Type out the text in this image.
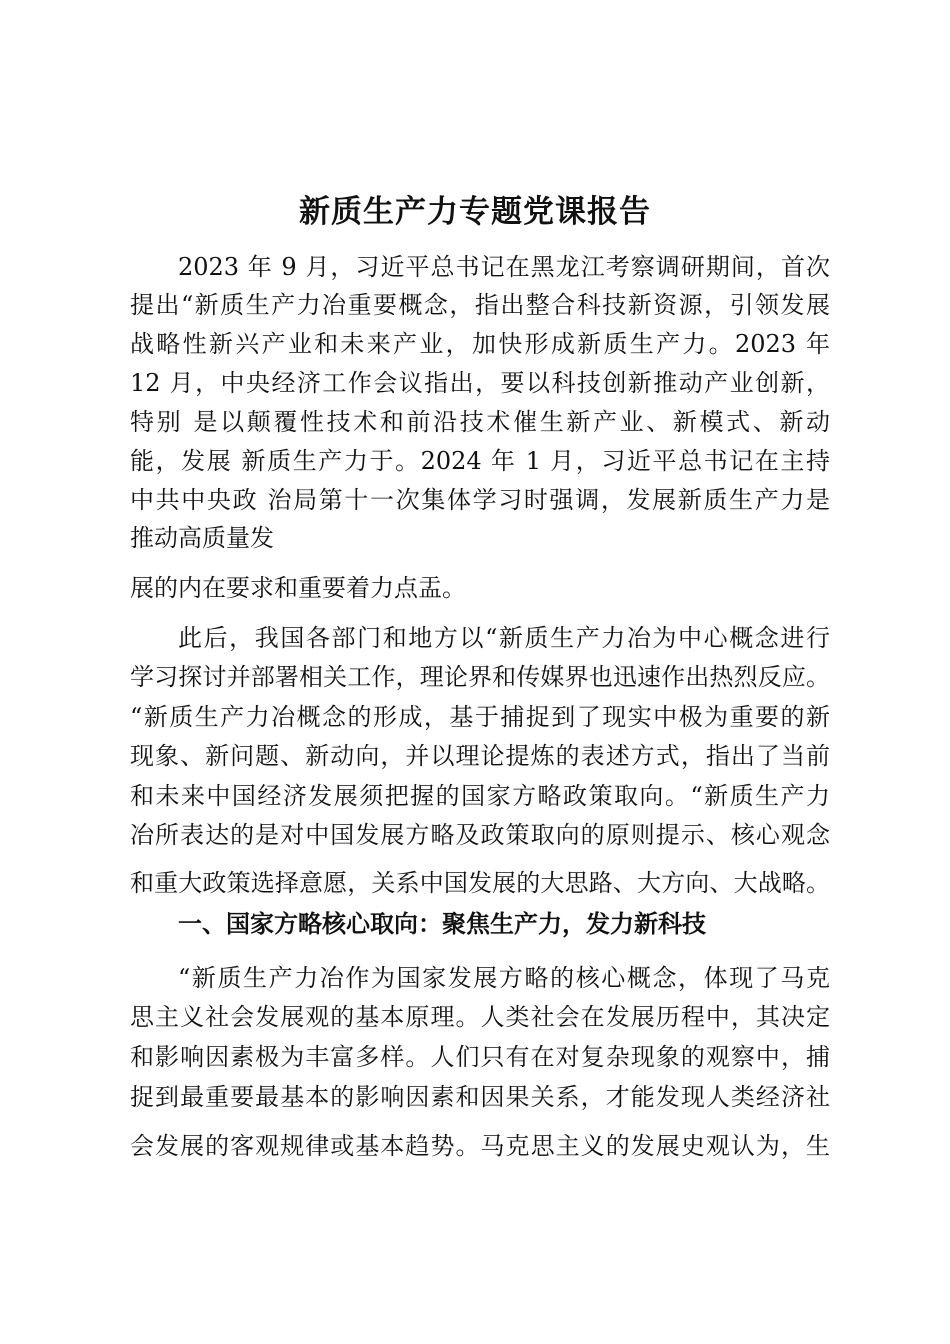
新质生产力专题党课报告

2023 年 9 月，习近平总书记在黑龙江考察调研期间，首次

提出“新质生产力冶重要概念，指出整合科技新资源，引领发展

战略性新兴产业和未来产业，加快形成新质生产力。2023 年

12 月，中央经济工作会议指出，要以科技创新推动产业创新，

特别 是以颠覆性技术和前沿技术催生新产业、新模式、新动

能，发展 新质生产力于。2024 年 1 月，习近平总书记在主持

中共中央政 治局第十一次集体学习时强调，发展新质生产力是

推动高质量发

展的内在要求和重要着力点盂。

此后，我国各部门和地方以“新质生产力冶为中心概念进行

学习探讨并部署相关工作，理论界和传媒界也迅速作出热烈反应。

“新质生产力冶概念的形成，基于捕捉到了现实中极为重要的新

现象、新问题、新动向，并以理论提炼的表述方式，指出了当前

和未来中国经济发展须把握的国家方略政策取向。“新质生产力

冶所表达的是对中国发展方略及政策取向的原则提示、核心观念

和重大政策选择意愿，关系中国发展的大思路、大方向、大战略。

一、国家方略核心取向：聚焦生产力，发力新科技

“新质生产力冶作为国家发展方略的核心概念，体现了马克

思主义社会发展观的基本原理。人类社会在发展历程中，其决定

和影响因素极为丰富多样。人们只有在对复杂现象的观察中，捕

捉到最重要最基本的影响因素和因果关系，才能发现人类经济社

会发展的客观规律或基本趋势。马克思主义的发展史观认为，生
